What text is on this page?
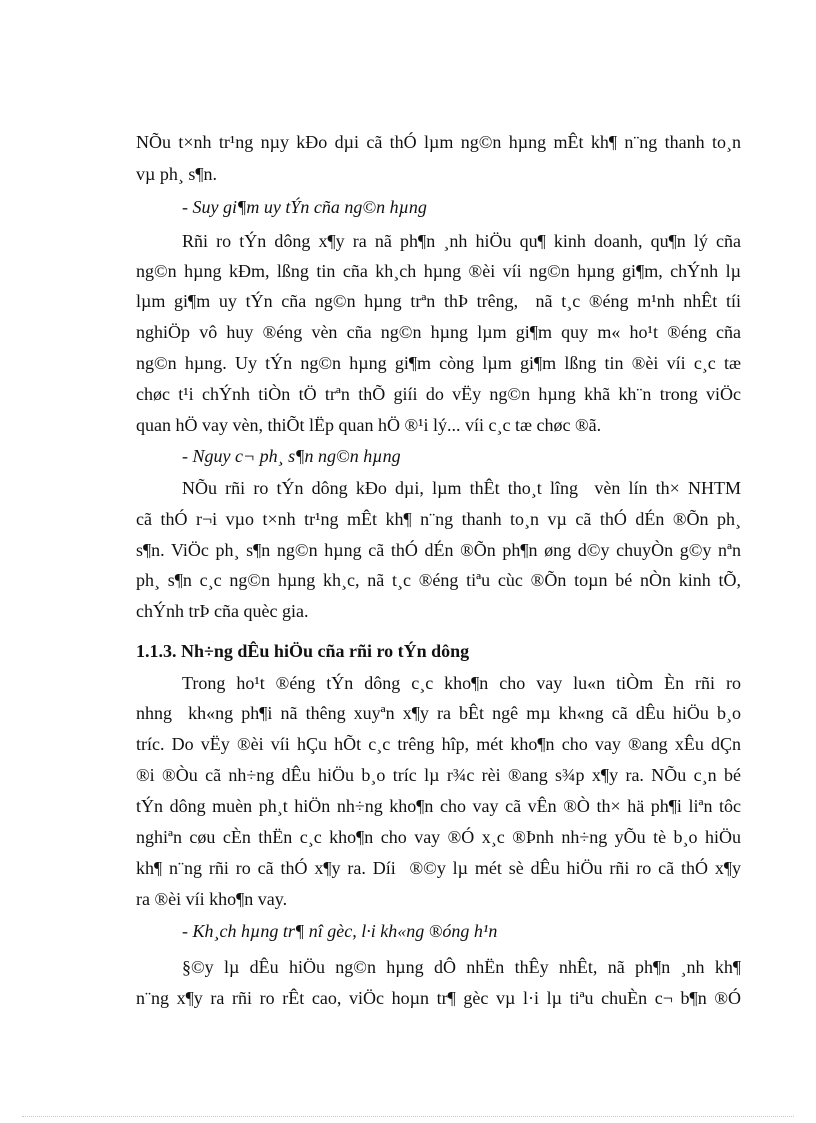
NÕu t×nh tr¹ng nµy kÐo dµi cã thÓ lµm ng©n hµng mÊt kh¶ n¨ng thanh to¸n
vµ ph¸ s¶n.
- Suy gi¶m uy tÝn cña ng©n hµng
Rñi ro tÝn dông x¶y ra nã ph¶n ¸nh hiÖu qu¶ kinh doanh, qu¶n lý cña
ng©n hµng kÐm, lßng tin cña kh¸ch hµng ®èi víi ng©n hµng gi¶m, chÝnh lµ
lµm gi¶m uy tÝn cña ng©n hµng trªn thÞ trêng,  nã t¸c ®éng m¹nh nhÊt tíi
nghiÖp vô huy ®éng vèn cña ng©n hµng lµm gi¶m quy m« ho¹t ®éng cña
ng©n hµng. Uy tÝn ng©n hµng gi¶m còng lµm gi¶m lßng tin ®èi víi c¸c tæ
chøc t¹i chÝnh tiÒn tÖ trªn thÕ giíi do vËy ng©n hµng khã kh¨n trong viÖc
quan hÖ vay vèn, thiÕt lËp quan hÖ ®¹i lý... víi c¸c tæ chøc ®ã.
- Nguy c¬ ph¸ s¶n ng©n hµng
NÕu rñi ro tÝn dông kÐo dµi, lµm thÊt tho¸t lîng  vèn lín th× NHTM
cã thÓ r¬i vµo t×nh tr¹ng mÊt kh¶ n¨ng thanh to¸n vµ cã thÓ dÉn ®Õn ph¸
s¶n. ViÖc ph¸ s¶n ng©n hµng cã thÓ dÉn ®Õn ph¶n øng d©y chuyÒn g©y nªn
ph¸ s¶n c¸c ng©n hµng kh¸c, nã t¸c ®éng tiªu cùc ®Õn toµn bé nÒn kinh tÕ,
chÝnh trÞ cña quèc gia.
1.1.3. Nh÷ng dÊu hiÖu cña rñi ro tÝn dông
Trong ho¹t ®éng tÝn dông c¸c kho¶n cho vay lu«n tiÒm Èn rñi ro
nhng  kh«ng ph¶i nã thêng xuyªn x¶y ra bÊt ngê mµ kh«ng cã dÊu hiÖu b¸o
tríc. Do vËy ®èi víi hÇu hÕt c¸c trêng hîp, mét kho¶n cho vay ®ang xÊu dÇn
®i ®Òu cã nh÷ng dÊu hiÖu b¸o tríc lµ r¾c rèi ®ang s¾p x¶y ra. NÕu c¸n bé
tÝn dông muèn ph¸t hiÖn nh÷ng kho¶n cho vay cã vÊn ®Ò th× hä ph¶i liªn tôc
nghiªn cøu cÈn thËn c¸c kho¶n cho vay ®Ó x¸c ®Þnh nh÷ng yÕu tè b¸o hiÖu
kh¶ n¨ng rñi ro cã thÓ x¶y ra. Díi  ®©y lµ mét sè dÊu hiÖu rñi ro cã thÓ x¶y
ra ®èi víi kho¶n vay.
- Kh¸ch hµng tr¶ nî gèc, l·i kh«ng ®óng h¹n
§©y lµ dÊu hiÖu ng©n hµng dÔ nhËn thÊy nhÊt, nã ph¶n ¸nh kh¶
n¨ng x¶y ra rñi ro rÊt cao, viÖc hoµn tr¶ gèc vµ l·i lµ tiªu chuÈn c¬ b¶n ®Ó
